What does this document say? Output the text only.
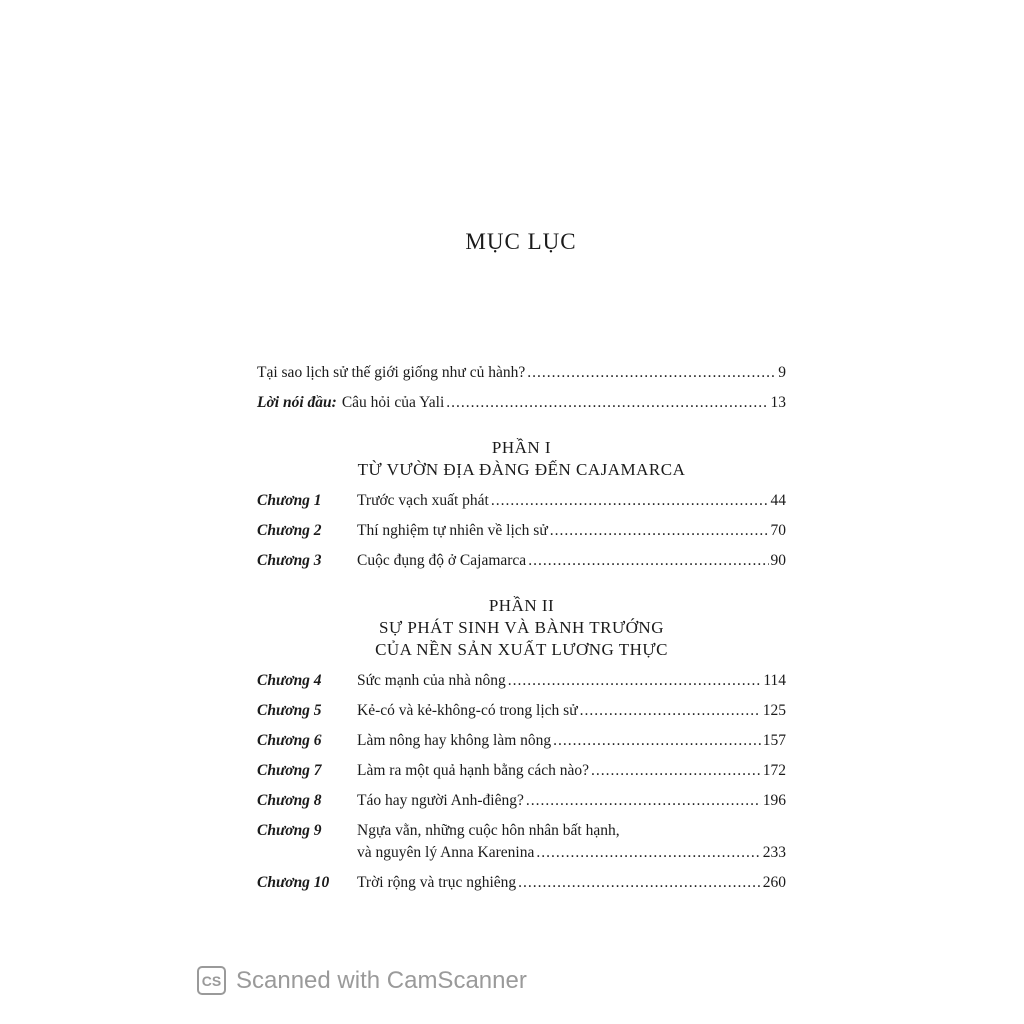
MỤC LỤC
Tại sao lịch sử thế giới giống như củ hành? .....	9
Lời nói đầu: Câu hỏi của Yali .....	13
PHẦN I
TỪ VƯỜN ĐỊA ĐÀNG ĐẾN CAJAMARCA
Chương 1	Trước vạch xuất phát .....	44
Chương 2	Thí nghiệm tự nhiên về lịch sử .....	70
Chương 3	Cuộc đụng độ ở Cajamarca .....	90
PHẦN II
SỰ PHÁT SINH VÀ BÀNH TRƯỚNG
CỦA NỀN SẢN XUẤT LƯƠNG THỰC
Chương 4	Sức mạnh của nhà nông .....	114
Chương 5	Kẻ-có và kẻ-không-có trong lịch sử .....	125
Chương 6	Làm nông hay không làm nông .....	157
Chương 7	Làm ra một quả hạnh bằng cách nào? .....	172
Chương 8	Táo hay người Anh-điêng? .....	196
Chương 9	Ngựa vằn, những cuộc hôn nhân bất hạnh,
và nguyên lý Anna Karenina .....	233
Chương 10	Trời rộng và trục nghiêng .....	260
CS Scanned with CamScanner
